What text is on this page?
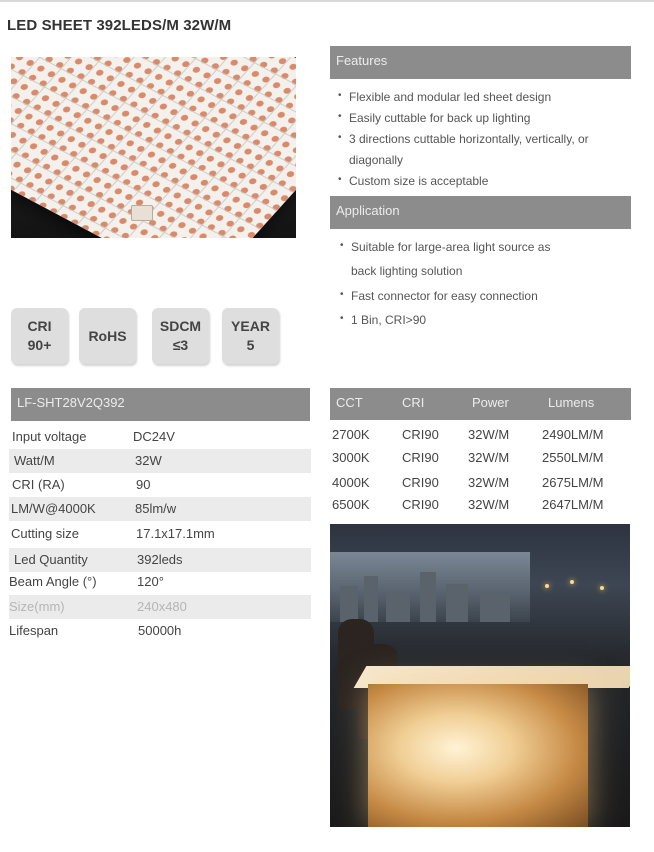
LED SHEET 392LEDS/M 32W/M
CRI
90+
RoHS
SDCM
≤3
YEAR
5
Features
• Flexible and modular led sheet design
• Easily cuttable for back up lighting
• 3 directions cuttable horizontally, vertically, or
diagonally
• Custom size is acceptable
Application
• Suitable for large-area light source as
back lighting solution
• Fast connector for easy connection
• 1 Bin, CRI>90
LF-SHT28V2Q392
Input voltage	DC24V
Watt/M	32W
CRI (RA)	90
LM/W@4000K	85lm/w
Cutting size	17.1x17.1mm
Led Quantity	392leds
Beam Angle (°)	120°
Size(mm)	240x480
Lifespan	50000h
CCT	CRI	Power	Lumens
2700K CRI90 32W/M	2490LM/M
3000K CRI90 32W/M	2550LM/M
4000K CRI90 32W/M	2675LM/M
6500K CRI90 32W/M	2647LM/M
